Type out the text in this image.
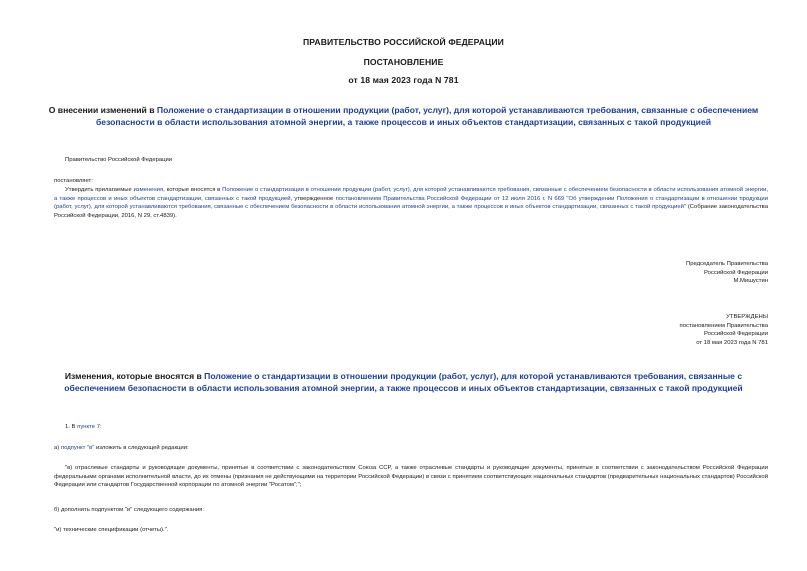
ПРАВИТЕЛЬСТВО РОССИЙСКОЙ ФЕДЕРАЦИИ
ПОСТАНОВЛЕНИЕ
от 18 мая 2023 года N 781
О внесении изменений в Положение о стандартизации в отношении продукции (работ, услуг), для которой устанавливаются требования, связанные с обеспечением безопасности в области использования атомной энергии, а также процессов и иных объектов стандартизации, связанных с такой продукцией
Правительство Российской Федерации
постановляет:
Утвердить прилагаемые изменения, которые вносятся в Положение о стандартизации в отношении продукции (работ, услуг), для которой устанавливаются требования, связанные с обеспечением безопасности в области использования атомной энергии, а также процессов и иных объектов стандартизации, связанных с такой продукцией, утвержденное постановлением Правительства Российской Федерации от 12 июля 2016 г. N 669 "Об утверждении Положения о стандартизации в отношении продукции (работ, услуг), для которой устанавливаются требования, связанные с обеспечением безопасности в области использования атомной энергии, а также процессов и иных объектов стандартизации, связанных с такой продукцией" (Собрание законодательства Российской Федерации, 2016, N 29, ст.4839).
Председатель Правительства
Российской Федерации
М.Мишустин
УТВЕРЖДЕНЫ
постановлением Правительства
Российской Федерации
от 18 мая 2023 года N 781
Изменения, которые вносятся в Положение о стандартизации в отношении продукции (работ, услуг), для которой устанавливаются требования, связанные с обеспечением безопасности в области использования атомной энергии, а также процессов и иных объектов стандартизации, связанных с такой продукцией
1. В пункте 7:
а) подпункт "в" изложить в следующей редакции:
"в) отраслевые стандарты и руководящие документы, принятые в соответствии с законодательством Союза ССР, а также отраслевые стандарты и руководящие документы, принятые в соответствии с законодательством Российской Федерации федеральными органами исполнительной власти, до их отмены (признания не действующими на территории Российской Федерации) в связи с принятием соответствующих национальных стандартов (предварительных национальных стандартов) Российской Федерации или стандартов Государственной корпорации по атомной энергии "Росатом";";
б) дополнить подпунктом "и" следующего содержания:
"и) технические спецификации (отчеты).".
